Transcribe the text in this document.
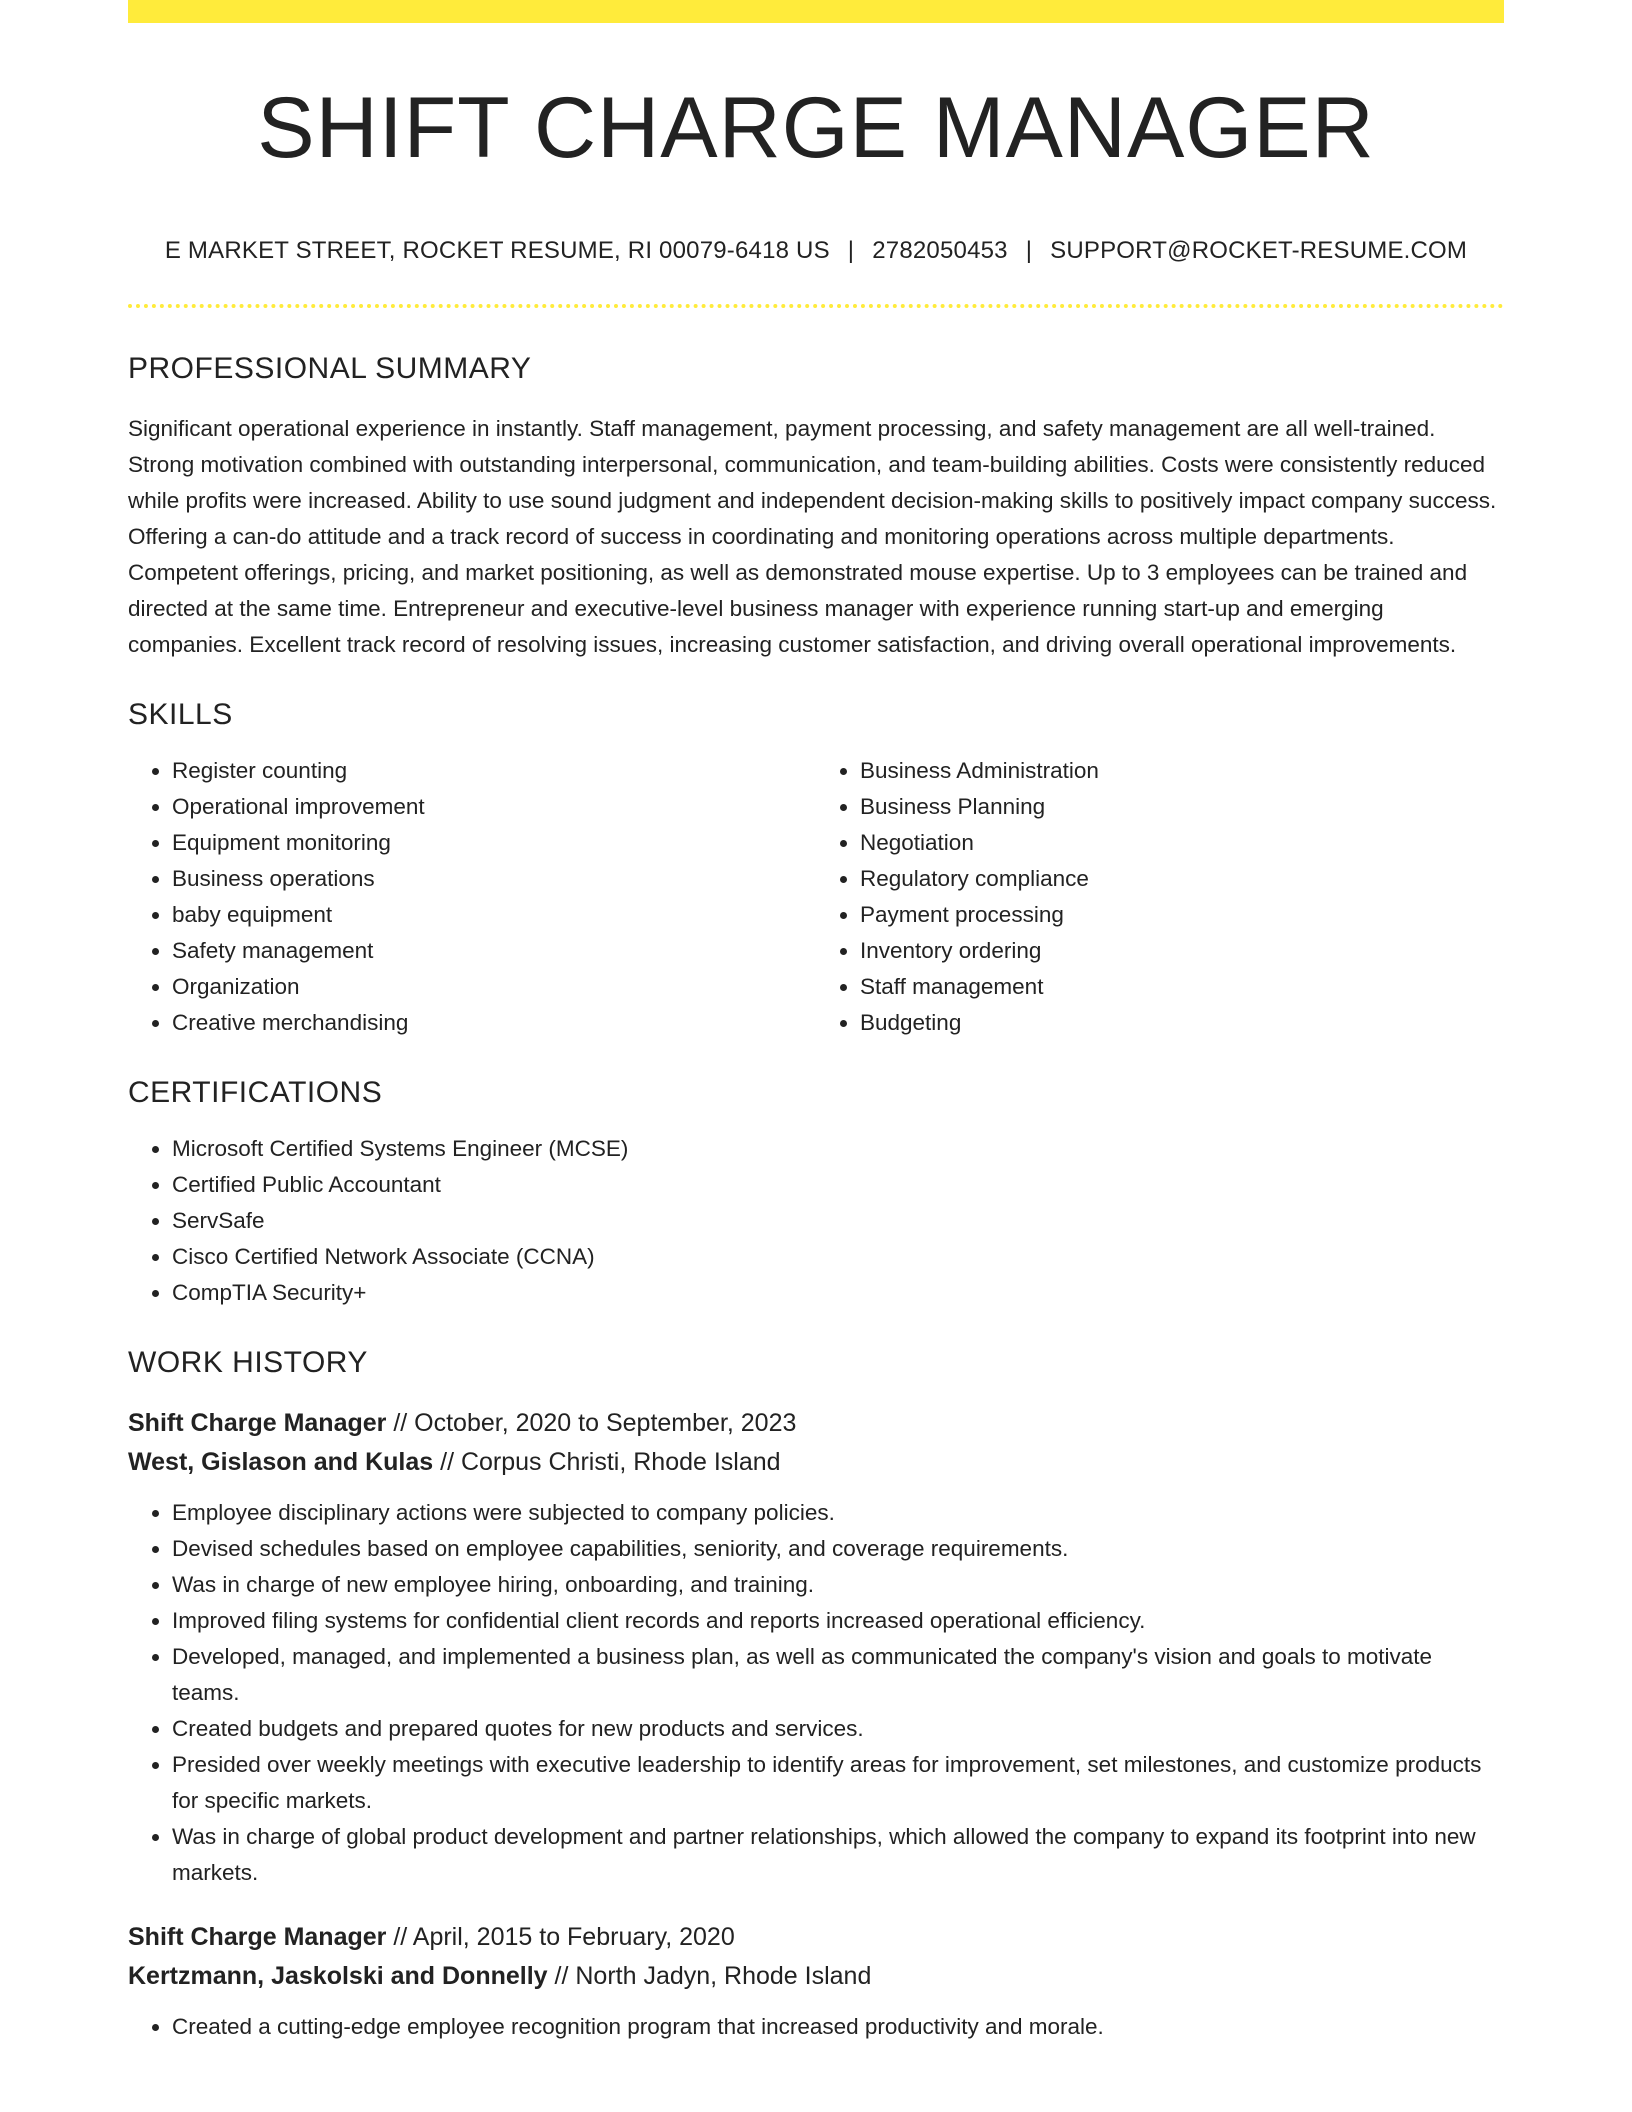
SHIFT CHARGE MANAGER
E MARKET STREET, ROCKET RESUME, RI 00079-6418 US | 2782050453 | SUPPORT@ROCKET-RESUME.COM
PROFESSIONAL SUMMARY

Significant operational experience in instantly. Staff management, payment processing, and safety management are all well-trained. Strong motivation combined with outstanding interpersonal, communication, and team-building abilities. Costs were consistently reduced while profits were increased. Ability to use sound judgment and independent decision-making skills to positively impact company success. Offering a can-do attitude and a track record of success in coordinating and monitoring operations across multiple departments. Competent offerings, pricing, and market positioning, as well as demonstrated mouse expertise. Up to 3 employees can be trained and directed at the same time. Entrepreneur and executive-level business manager with experience running start-up and emerging companies. Excellent track record of resolving issues, increasing customer satisfaction, and driving overall operational improvements.

SKILLS
• Register counting
• Operational improvement
• Equipment monitoring
• Business operations
• baby equipment
• Safety management
• Organization
• Creative merchandising
• Business Administration
• Business Planning
• Negotiation
• Regulatory compliance
• Payment processing
• Inventory ordering
• Staff management
• Budgeting
CERTIFICATIONS
• Microsoft Certified Systems Engineer (MCSE)
• Certified Public Accountant
• ServSafe
• Cisco Certified Network Associate (CCNA)
• CompTIA Security+
WORK HISTORY
Shift Charge Manager // October, 2020 to September, 2023
West, Gislason and Kulas // Corpus Christi, Rhode Island
• Employee disciplinary actions were subjected to company policies.
• Devised schedules based on employee capabilities, seniority, and coverage requirements.
• Was in charge of new employee hiring, onboarding, and training.
• Improved filing systems for confidential client records and reports increased operational efficiency.
• Developed, managed, and implemented a business plan, as well as communicated the company's vision and goals to motivate teams.
• Created budgets and prepared quotes for new products and services.
• Presided over weekly meetings with executive leadership to identify areas for improvement, set milestones, and customize products for specific markets.
• Was in charge of global product development and partner relationships, which allowed the company to expand its footprint into new markets.
Shift Charge Manager // April, 2015 to February, 2020
Kertzmann, Jaskolski and Donnelly // North Jadyn, Rhode Island
• Created a cutting-edge employee recognition program that increased productivity and morale.
